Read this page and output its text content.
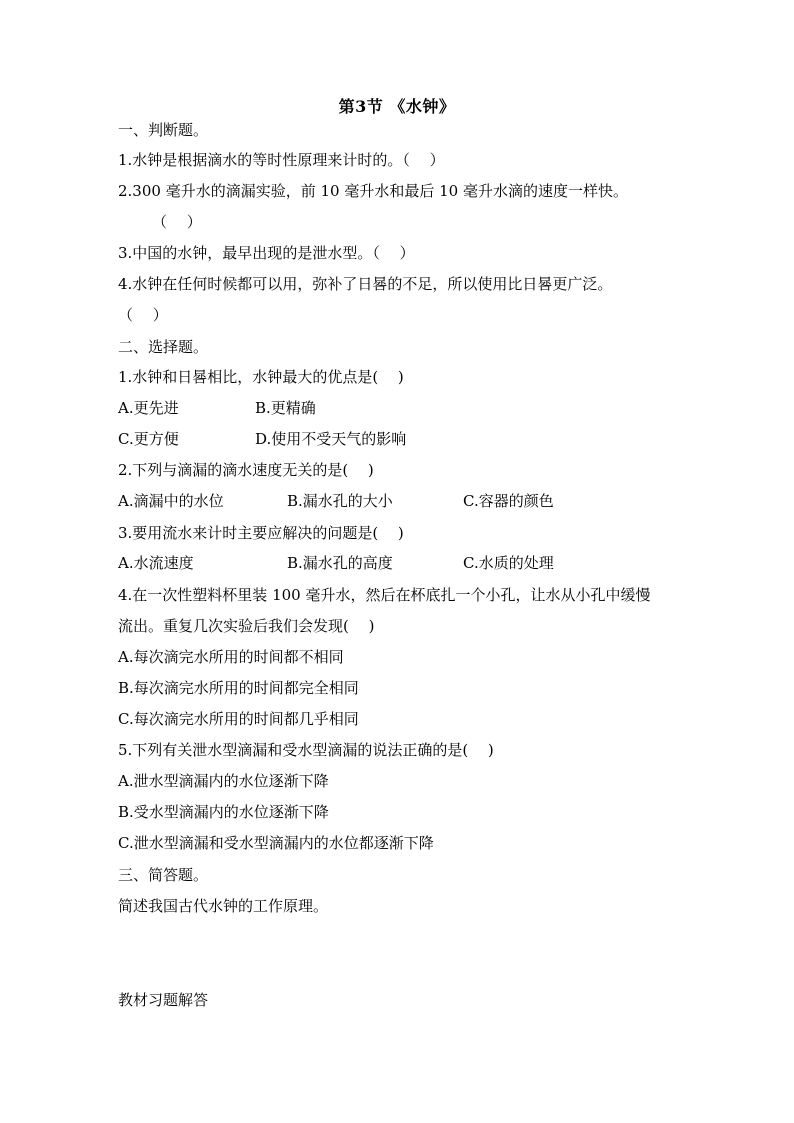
第3节 《水钟》
一、判断题。
1.水钟是根据滴水的等时性原理来计时的。（　 ）
2.300 毫升水的滴漏实验，前 10 毫升水和最后 10 毫升水滴的速度一样快。
（　 ）
3.中国的水钟，最早出现的是泄水型。（　 ）
4.水钟在任何时候都可以用，弥补了日晷的不足，所以使用比日晷更广泛。
（　 ）
二、选择题。
1.水钟和日晷相比，水钟最大的优点是(　 )
A.更先进	B.更精确
C.更方便	D.使用不受天气的影响
2.下列与滴漏的滴水速度无关的是(　 )
A.滴漏中的水位	B.漏水孔的大小	C.容器的颜色
3.要用流水来计时主要应解决的问题是(　 )
A.水流速度	B.漏水孔的高度	C.水质的处理
4.在一次性塑料杯里装 100 毫升水，然后在杯底扎一个小孔，让水从小孔中缓慢
流出。重复几次实验后我们会发现(　 )
A.每次滴完水所用的时间都不相同
B.每次滴完水所用的时间都完全相同
C.每次滴完水所用的时间都几乎相同
5.下列有关泄水型滴漏和受水型滴漏的说法正确的是(　 )
A.泄水型滴漏内的水位逐渐下降
B.受水型滴漏内的水位逐渐下降
C.泄水型滴漏和受水型滴漏内的水位都逐渐下降
三、简答题。
简述我国古代水钟的工作原理。
教材习题解答
